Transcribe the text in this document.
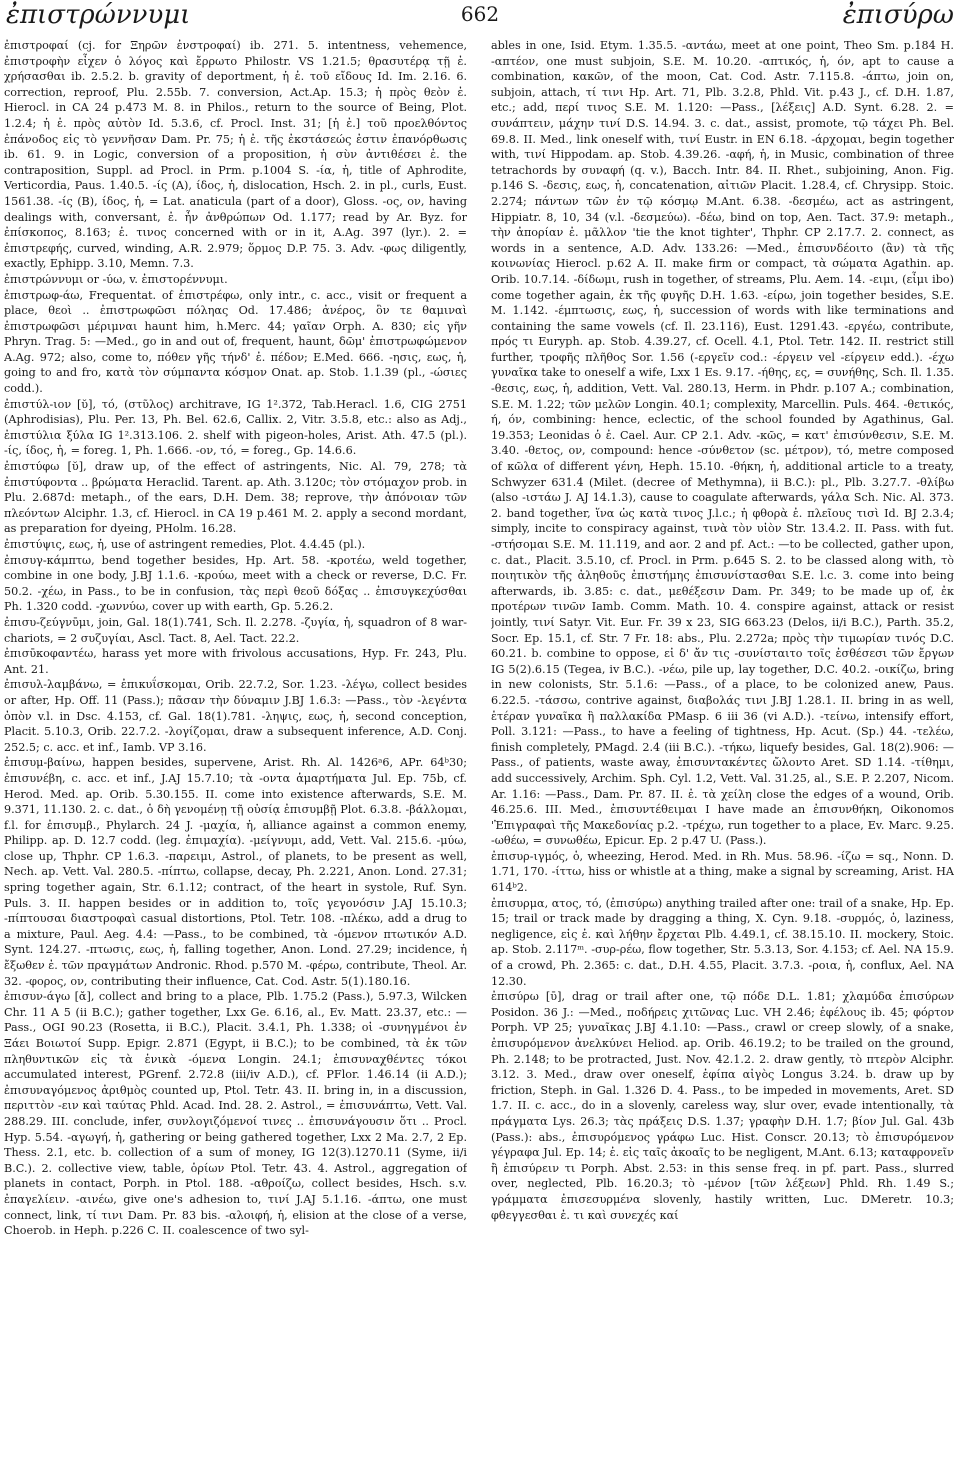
ἐπιστρώννυμι	662	ἐπισύρω

ἐπιστροφαί (cj. for Ξηρῶν ἐνστροφαί) ib. 271. 5. intentness, vehemence, ἐπιστροφὴν εἶχεν ὁ λόγος καὶ ἔρρωτο Philostr. VS 1.21.5; θρασυτέρᾳ τῇ ἐ. χρήσασθαι ib. 2.5.2. b. gravity of deportment, ἡ ἐ. τοῦ εἴδους Id. Im. 2.16. 6. correction, reproof, Plu. 2.55b. 7. conversion, Act.Ap. 15.3; ἡ πρὸς θεὸν ἐ. Hierocl. in CA 24 p.473 M. 8. in Philos., return to the source of Being, Plot. 1.2.4; ἡ ἐ. πρὸς αὐτὸν Id. 5.3.6, cf. Procl. Inst. 31; [ἡ ἐ.] τοῦ προελθόντος ἐπάνοδος εἰς τὸ γεννῆσαν Dam. Pr. 75; ἡ ἐ. τῆς ἐκστάσεώς ἐστιν ἐπανόρθωσις ib. 61. 9. in Logic, conversion of a proposition, ἡ σὺν ἀντιθέσει ἐ. the contraposition, Suppl. ad Procl. in Prm. p.1004 S. -ία, ἡ, title of Aphrodite, Verticordia, Paus. 1.40.5. -ίς (A), ίδος, ἡ, dislocation, Hsch. 2. in pl., curls, Eust. 1561.38. -ίς (B), ίδος, ἡ, = Lat. anaticula (part of a door), Gloss. -ος, ον, having dealings with, conversant, ἐ. ἦν ἀνθρώπων Od. 1.177; read by Ar. Byz. for ἐπίσκοπος, 8.163; ἐ. τινος concerned with or in it, A.Ag. 397 (lyr.). 2. = ἐπιστρεφής, curved, winding, A.R. 2.979; ὅρμος D.P. 75. 3. Adv. -φως diligently, exactly, Ephipp. 3.10, Memn. 7.3.

ἐπιστρώννυμι or -ύω, v. ἐπιστορέννυμι.

ἐπιστρωφ-άω, Frequentat. of ἐπιστρέφω, only intr., c. acc., visit or frequent a place, θεοὶ .. ἐπιστρωφῶσι πόληας Od. 17.486; ἀνέρος, ὃν τε θαμιναὶ ἐπιστρωφῶσι μέριμναι haunt him, h.Merc. 44; γαῖαν Orph. A. 830; εἰς γῆν Phryn. Trag. 5: —Med., go in and out of, frequent, haunt, δῶμ' ἐπιστρωφώμενον A.Ag. 972; also, come to, πόθεν γῆς τήνδ' ἐ. πέδον; E.Med. 666. -ησις, εως, ἡ, going to and fro, κατὰ τὸν σύμπαντα κόσμον Onat. ap. Stob. 1.1.39 (pl., -ώσιες codd.).

ἐπιστύλ-ιον [ῠ], τό, (στῦλος) architrave, IG 1².372, Tab.Heracl. 1.6, CIG 2751 (Aphrodisias), Plu. Per. 13, Ph. Bel. 62.6, Callix. 2, Vitr. 3.5.8, etc.: also as Adj., ἐπιστύλια ξύλα IG 1².313.106. 2. shelf with pigeon-holes, Arist. Ath. 47.5 (pl.). -ίς, ίδος, ἡ, = foreg. 1, Ph. 1.666. -ον, τό, = foreg., Gp. 14.6.6.

ἐπιστύφω [ῠ], draw up, of the effect of astringents, Nic. Al. 79, 278; τὰ ἐπιστύφοντα .. βρώματα Heraclid. Tarent. ap. Ath. 3.120c; τὸν στόμαχον prob. in Plu. 2.687d: metaph., of the ears, D.H. Dem. 38; reprove, τὴν ἀπόνοιαν τῶν πλεόντων Alciphr. 1.3, cf. Hierocl. in CA 19 p.461 M. 2. apply a second mordant, as preparation for dyeing, PHolm. 16.28.

ἐπιστύψις, εως, ἡ, use of astringent remedies, Plot. 4.4.45 (pl.).

ἐπισυγ-κάμπτω, bend together besides, Hp. Art. 58. -κροτέω, weld together, combine in one body, J.BJ 1.1.6. -κρούω, meet with a check or reverse, D.C. Fr. 50.2. -χέω, in Pass., to be in confusion, τὰς περὶ θεοῦ δόξας .. ἐπισυγκεχύσθαι Ph. 1.320 codd. -χωννύω, cover up with earth, Gp. 5.26.2.

ἐπισυ-ζεύγνῡμι, join, Gal. 18(1).741, Sch. Il. 2.278. -ζυγία, ἡ, squadron of 8 war-chariots, = 2 συζυγίαι, Ascl. Tact. 8, Ael. Tact. 22.2.

ἐπισῡκοφαντέω, harass yet more with frivolous accusations, Hyp. Fr. 243, Plu. Ant. 21.

ἐπισυλ-λαμβάνω, = ἐπικυΐσκομαι, Orib. 22.7.2, Sor. 1.23. -λέγω, collect besides or after, Hp. Off. 11 (Pass.); πᾶσαν τὴν δύναμιν J.BJ 1.6.3: —Pass., τὸν -λεγέντα ὀπὸν v.l. in Dsc. 4.153, cf. Gal. 18(1).781. -ληψις, εως, ἡ, second conception, Placit. 5.10.3, Orib. 22.7.2. -λογίζομαι, draw a subsequent inference, A.D. Conj. 252.5; c. acc. et inf., Iamb. VP 3.16.

ἐπισυμ-βαίνω, happen besides, supervene, Arist. Rh. Al. 1426ᵃ6, APr. 64ᵇ30; ἐπισυνέβη, c. acc. et inf., J.AJ 15.7.10; τὰ -οντα ἁμαρτήματα Jul. Ep. 75b, cf. Herod. Med. ap. Orib. 5.30.155. II. come into existence afterwards, S.E. M. 9.371, 11.130. 2. c. dat., ὁ δὴ γενομένῃ τῇ οὐσίᾳ ἐπισυμβῇ Plot. 6.3.8. -βάλλομαι, f.l. for ἐπισυμβ., Phylarch. 24 J. -μαχία, ἡ, alliance against a common enemy, Philipp. ap. D. 12.7 codd. (leg. ἐπιμαχία). -μείγνυμι, add, Vett. Val. 215.6. -μύω, close up, Thphr. CP 1.6.3. -παρειμι, Astrol., of planets, to be present as well, Nech. ap. Vett. Val. 280.5. -πίπτω, collapse, decay, Ph. 2.221, Anon. Lond. 27.31; spring together again, Str. 6.1.12; contract, of the heart in systole, Ruf. Syn. Puls. 3. II. happen besides or in addition to, τοῖς γεγονόσιν J.AJ 15.10.3; -πίπτουσαι διαστροφαὶ casual distortions, Ptol. Tetr. 108. -πλέκω, add a drug to a mixture, Paul. Aeg. 4.4: —Pass., to be combined, τὰ -όμενον πτωτικόν A.D. Synt. 124.27. -πτωσις, εως, ἡ, falling together, Anon. Lond. 27.29; incidence, ἡ ἔξωθεν ἐ. τῶν πραγμάτων Andronic. Rhod. p.570 M. -φέρω, contribute, Theol. Ar. 32. -φορος, ον, contributing their influence, Cat. Cod. Astr. 5(1).180.16.

ἐπισυν-άγω [ᾰ], collect and bring to a place, Plb. 1.75.2 (Pass.), 5.97.3, Wilcken Chr. 11 A 5 (ii B.C.); gather together, Lxx Ge. 6.16, al., Ev. Matt. 23.37, etc.: —Pass., OGI 90.23 (Rosetta, ii B.C.), Placit. 3.4.1, Ph. 1.338; οἱ -συνηγμένοι ἐν Ξάει Βοιωτοί Supp. Epigr. 2.871 (Egypt, ii B.C.); to be combined, τὰ ἐκ τῶν πληθυντικῶν εἰς τὰ ἑνικὰ -όμενα Longin. 24.1; ἐπισυναχθέντες τόκοι accumulated interest, PGrenf. 2.72.8 (iii/iv A.D.), cf. PFlor. 1.46.14 (ii A.D.); ἐπισυναγόμενος ἀριθμὸς counted up, Ptol. Tetr. 43. II. bring in, in a discussion, περιττὸν -ειν καὶ ταύτας Phld. Acad. Ind. 28. 2. Astrol., = ἐπισυνάπτω, Vett. Val. 288.29. III. conclude, infer, συνλογιζόμενοί τινες .. ἐπισυνάγουσιν ὅτι .. Procl. Hyp. 5.54. -αγωγή, ἡ, gathering or being gathered together, Lxx 2 Ma. 2.7, 2 Ep. Thess. 2.1, etc. b. collection of a sum of money, IG 12(3).1270.11 (Syme, ii/i B.C.). 2. collective view, table, ὁρίων Ptol. Tetr. 43. 4. Astrol., aggregation of planets in contact, Porph. in Ptol. 188. -αθροίζω, collect besides, Hsch. s.v. ἐπαγελίειν. -αινέω, give one's adhesion to, τινί J.AJ 5.1.16. -άπτω, one must connect, link, τί τινι Dam. Pr. 83 bis. -αλοιφή, ἡ, elision at the close of a verse, Choerob. in Heph. p.226 C. II. coalescence of two syl-

ables in one, Isid. Etym. 1.35.5. -αντάω, meet at one point, Theo Sm. p.184 H. -απτέον, one must subjoin, S.E. M. 10.20. -απτικός, ἡ, όν, apt to cause a combination, κακῶν, of the moon, Cat. Cod. Astr. 7.115.8. -άπτω, join on, subjoin, attach, τί τινι Hp. Art. 71, Plb. 3.2.8, Phld. Vit. p.43 J., cf. D.H. 1.87, etc.; add, περί τινος S.E. M. 1.120: —Pass., [λέξεις] A.D. Synt. 6.28. 2. = συνάπτειν, μάχην τινί D.S. 14.94. 3. c. dat., assist, promote, τῷ τάχει Ph. Bel. 69.8. II. Med., link oneself with, τινί Eustr. in EN 6.18. -άρχομαι, begin together with, τινί Hippodam. ap. Stob. 4.39.26. -αφή, ἡ, in Music, combination of three tetrachords by συναφή (q. v.), Bacch. Intr. 84. II. Rhet., subjoining, Anon. Fig. p.146 S. -δεσις, εως, ἡ, concatenation, αἰτιῶν Placit. 1.28.4, cf. Chrysipp. Stoic. 2.274; πάντων τῶν ἐν τῷ κόσμῳ M.Ant. 6.38. -δεσμέω, act as astringent, Hippiatr. 8, 10, 34 (v.l. -δεσμεύω). -δέω, bind on top, Aen. Tact. 37.9: metaph., τὴν ἀπορίαν ἐ. μᾶλλον 'tie the knot tighter', Thphr. CP 2.17.7. 2. connect, as words in a sentence, A.D. Adv. 133.26: —Med., ἐπισυνδέοιτο (ἂν) τὰ τῆς κοινωνίας Hierocl. p.62 A. II. make firm or compact, τὰ σώματα Agathin. ap. Orib. 10.7.14. -δίδωμι, rush in together, of streams, Plu. Aem. 14. -ειμι, (εἶμι ibo) come together again, ἐκ τῆς φυγῆς D.H. 1.63. -είρω, join together besides, S.E. M. 1.142. -έμπτωσις, εως, ἡ, succession of words with like terminations and containing the same vowels (cf. Il. 23.116), Eust. 1291.43. -εργέω, contribute, πρός τι Euryph. ap. Stob. 4.39.27, cf. Ocell. 4.1, Ptol. Tetr. 142. II. restrict still further, τροφῆς πλῆθος Sor. 1.56 (-εργεῖν cod.: -έργειν vel -είργειν edd.). -έχω γυναῖκα take to oneself a wife, Lxx 1 Es. 9.17. -ήθης, ες, = συνήθης, Sch. Il. 1.35. -θεσις, εως, ἡ, addition, Vett. Val. 280.13, Herm. in Phdr. p.107 A.; combination, S.E. M. 1.22; τῶν μελῶν Longin. 40.1; complexity, Marcellin. Puls. 464. -θετικός, ή, όν, combining: hence, eclectic, of the school founded by Agathinus, Gal. 19.353; Leonidas ὁ ἐ. Cael. Aur. CP 2.1. Adv. -κῶς, = κατ' ἐπισύνθεσιν, S.E. M. 3.40. -θετος, ον, compound: hence -σύνθετον (sc. μέτρον), τό, metre composed of κῶλα of different γένη, Heph. 15.10. -θήκη, ἡ, additional article to a treaty, Schwyzer 631.4 (Milet. (decree of Methymna), ii B.C.): pl., Plb. 3.27.7. -θλίβω (also -ιστάω J. AJ 14.1.3), cause to coagulate afterwards, γάλα Sch. Nic. Al. 373. 2. band together, ἵνα ὡς κατὰ τινος J.l.c.; ἡ φθορὰ ἐ. πλεῖους τισὶ Id. BJ 2.3.4; simply, incite to conspiracy against, τινὰ τὸν υἱὸν Str. 13.4.2. II. Pass. with fut. -στήσομαι S.E. M. 11.119, and aor. 2 and pf. Act.: —to be collected, gather upon, c. dat., Placit. 3.5.10, cf. Procl. in Prm. p.645 S. 2. to be classed along with, τὸ ποιητικὸν τῆς ἀληθοῦς ἐπιστήμης ἐπισυνίστασθαι S.E. l.c. 3. come into being afterwards, ib. 3.85: c. dat., μεθέξεσιν Dam. Pr. 349; to be made up of, ἐκ προτέρων τινῶν Iamb. Comm. Math. 10. 4. conspire against, attack or resist jointly, τινί Satyr. Vit. Eur. Fr. 39 x 23, SIG 663.23 (Delos, ii/i B.C.), Parth. 35.2, Socr. Ep. 15.1, cf. Str. 7 Fr. 18: abs., Plu. 2.272a; πρὸς τὴν τιμωρίαν τινός D.C. 60.21. b. combine to oppose, εἰ δ' ἄν τις -συνίσταιτο τοῖς ἐσθέσεσι τῶν ἔργων IG 5(2).6.15 (Tegea, iv B.C.). -νέω, pile up, lay together, D.C. 40.2. -οικίζω, bring in new colonists, Str. 5.1.6: —Pass., of a place, to be colonized anew, Paus. 6.22.5. -τάσσω, contrive against, διαβολάς τινι J.BJ 1.28.1. II. bring in as well, ἑτέραν γυναῖκα ἢ παλλακίδα PMasp. 6 iii 36 (vi A.D.). -τείνω, intensify effort, Poll. 3.121: —Pass., to have a feeling of tightness, Hp. Acut. (Sp.) 44. -τελέω, finish completely, PMagd. 2.4 (iii B.C.). -τήκω, liquefy besides, Gal. 18(2).906: —Pass., of patients, waste away, ἐπισυντακέντες ὤλοντο Aret. SD 1.14. -τίθημι, add successively, Archim. Sph. Cyl. 1.2, Vett. Val. 31.25, al., S.E. P. 2.207, Nicom. Ar. 1.16: —Pass., Dam. Pr. 87. II. ἐ. τὰ χείλη close the edges of a wound, Orib. 46.25.6. III. Med., ἐπισυντέθειμαι I have made an ἐπισυνθήκη, Oikonomos 'Ἐπιγραφαὶ τῆς Μακεδονίας p.2. -τρέχω, run together to a place, Ev. Marc. 9.25. -ωθέω, = συνωθέω, Epicur. Ep. 2 p.47 U. (Pass.).

ἐπισυρ-ιγμός, ὁ, wheezing, Herod. Med. in Rh. Mus. 58.96. -ίζω = sq., Nonn. D. 1.71, 170. -ίττω, hiss or whistle at a thing, make a signal by screaming, Arist. HA 614ᵇ2.

ἐπισυρμα, ατος, τό, (ἐπισύρω) anything trailed after one: trail of a snake, Hp. Ep. 15; trail or track made by dragging a thing, X. Cyn. 9.18. -συρμός, ὁ, laziness, negligence, εἰς ἐ. καὶ λήθην ἔρχεται Plb. 4.49.1, cf. 38.15.10. II. mockery, Stoic. ap. Stob. 2.117ᵐ. -συρ-ρέω, flow together, Str. 5.3.13, Sor. 4.153; cf. Ael. NA 15.9. of a crowd, Ph. 2.365: c. dat., D.H. 4.55, Placit. 3.7.3. -ροια, ἡ, conflux, Ael. NA 12.30.

ἐπισύρω [ῡ], drag or trail after one, τῷ πόδε D.L. 1.81; χλαμύδα ἐπισύρων Posidon. 36 J.: —Med., ποδήρεις χιτῶνας Luc. VH 2.46; ἐφέλους ib. 45; φόρτον Porph. VP 25; γυναῖκας J.BJ 4.1.10: —Pass., crawl or creep slowly, of a snake, ἐπισυρόμενον ἀνελκύνει Heliod. ap. Orib. 46.19.2; to be trailed on the ground, Ph. 2.148; to be protracted, Just. Nov. 42.1.2. 2. draw gently, τὸ πτερὸν Alciphr. 3.12. 3. Med., draw over oneself, ἐφίπα αἰγὸς Longus 3.24. b. draw up by friction, Steph. in Gal. 1.326 D. 4. Pass., to be impeded in movements, Aret. SD 1.7. II. c. acc., do in a slovenly, careless way, slur over, evade intentionally, τὰ πράγματα Lys. 26.3; τὰς πράξεις D.S. 1.37; γραφὴν D.H. 1.7; βίον Jul. Gal. 43b (Pass.): abs., ἐπισυρόμενος γράφω Luc. Hist. Conscr. 20.13; τὸ ἐπισυρόμενον γέγραφα Jul. Ep. 14; ἐ. εἰς ταῖς ἀκοαῖς to be negligent, M.Ant. 6.13; καταφρονεῖν ἢ ἐπισύρειν τι Porph. Abst. 2.53: in this sense freq. in pf. part. Pass., slurred over, neglected, Plb. 16.20.3; τὸ -μένον [τῶν λέξεων] Phld. Rh. 1.49 S.; γράμματα ἐπισεσυρμένα slovenly, hastily written, Luc. DMeretr. 10.3; φθεγγεσθαι ἐ. τι καὶ συνεχές καί
